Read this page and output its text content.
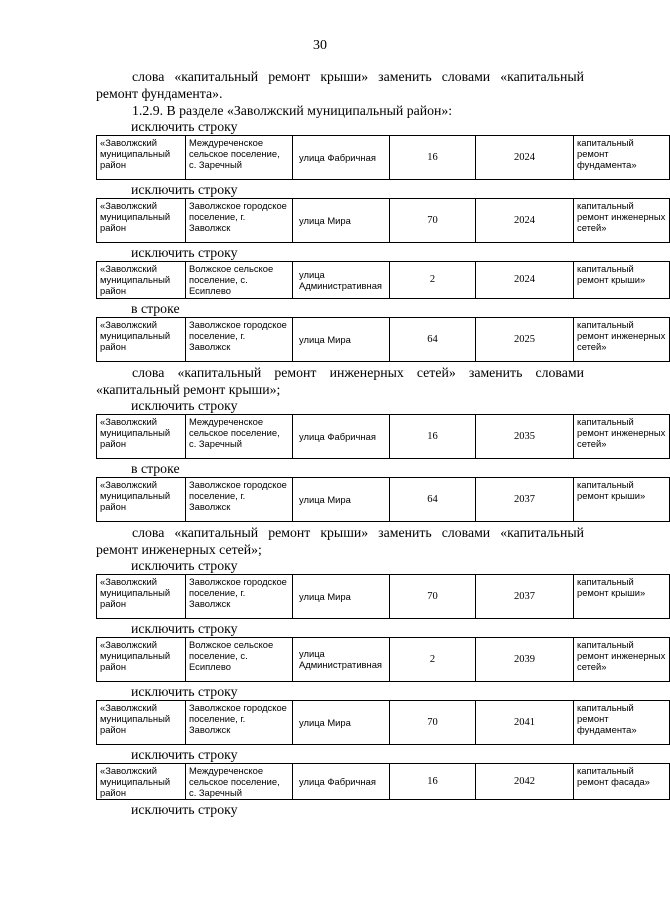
30

слова «капитальный ремонт крыши» заменить словами «капитальный

ремонт фундамента».

1.2.9. В разделе «Заволжский муниципальный район»:

исключить строку

«Заволжский муниципальный район	Междуреченское сельское поселение, с. Заречный	улица Фабричная	16	2024	капитальный ремонт фундамента»

исключить строку

«Заволжский муниципальный район	Заволжское городское поселение, г. Заволжск	улица Мира	70	2024	капитальный ремонт инженерных сетей»

исключить строку

«Заволжский муниципальный район	Волжское сельское поселение, с. Есиплево	улица Административная	2	2024	капитальный ремонт крыши»

в строке

«Заволжский муниципальный район	Заволжское городское поселение, г. Заволжск	улица Мира	64	2025	капитальный ремонт инженерных сетей»

слова «капитальный ремонт инженерных сетей» заменить словами

«капитальный ремонт крыши»;

исключить строку

«Заволжский муниципальный район	Междуреченское сельское поселение, с. Заречный	улица Фабричная	16	2035	капитальный ремонт инженерных сетей»

в строке

«Заволжский муниципальный район	Заволжское городское поселение, г. Заволжск	улица Мира	64	2037	капитальный ремонт крыши»

слова «капитальный ремонт крыши» заменить словами «капитальный

ремонт инженерных сетей»;

исключить строку

«Заволжский муниципальный район	Заволжское городское поселение, г. Заволжск	улица Мира	70	2037	капитальный ремонт крыши»

исключить строку

«Заволжский муниципальный район	Волжское сельское поселение, с. Есиплево	улица Административная	2	2039	капитальный ремонт инженерных сетей»

исключить строку

«Заволжский муниципальный район	Заволжское городское поселение, г. Заволжск	улица Мира	70	2041	капитальный ремонт фундамента»

исключить строку

«Заволжский муниципальный район	Междуреченское сельское поселение, с. Заречный	улица Фабричная	16	2042	капитальный ремонт фасада»

исключить строку
